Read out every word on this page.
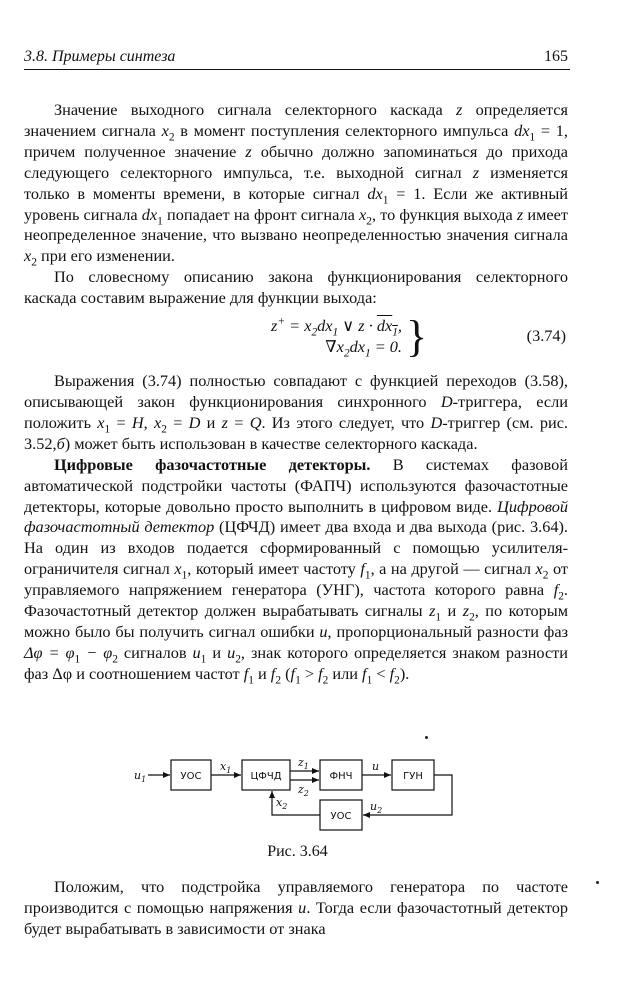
3.8. Примеры синтеза	165

Значение выходного сигнала селекторного каскада z определяется значением сигнала $x_2$ в момент поступления селекторного импульса $dx_1 = 1$, причем полученное значение z обычно должно запоминаться до прихода следующего селекторного импульса, т.е. выходной сигнал z изменяется только в моменты времени, в которые сигнал $dx_1 = 1$. Если же активный уровень сигнала $dx_1$ попадает на фронт сигнала $x_2$, то функция выхода z имеет неопределенное значение, что вызвано неопределенностью значения сигнала $x_2$ при его изменении.

По словесному описанию закона функционирования селекторного каскада составим выражение для функции выхода:

$z^+ = x_2dx_1$ ∨ $z \cdot dx_1$,
$\nabla x_2dx_1 = 0$. }	(3.74)

Выражения (3.74) полностью совпадают с функцией переходов (3.58), описывающей закон функционирования синхронного D-триггера, если положить $x_1 = H$, $x_2 = D$ и z = Q. Из этого следует, что D-триггер (см. рис. 3.52,б) может быть использован в качестве селекторного каскада.

Цифровые фазочастотные детекторы. В системах фазовой автоматической подстройки частоты (ФАПЧ) используются фазочастотные детекторы, которые довольно просто выполнить в цифровом виде. Цифровой фазочастотный детектор (ЦФЧД) имеет два входа и два выхода (рис. 3.64). На один из входов подается сформированный с помощью усилителя-ограничителя сигнал $x_1$, который имеет частоту $f_1$, а на другой — сигнал $x_2$ от управляемого напряжением генератора (УНГ), частота которого равна $f_2$. Фазочастотный детектор должен вырабатывать сигналы $z_1$ и $z_2$, по которым можно было бы получить сигнал ошибки u, пропорциональный разности фаз $\Delta\varphi = \varphi_1 - \varphi_2$ сигналов $u_1$ и $u_2$, знак которого определяется знаком разности фаз Δφ и соотношением частот $f_1$ и $f_2$ ($f_1 > f_2$ или $f_1 < f_2$).

УОС	ЦФЧД	ФНЧ	ГУН
УОС
$u_1$
$x_1$
$z_1$
$z_2$
u
$x_2$	$u_2$
Рис. 3.64

Положим, что подстройка управляемого генератора по частоте производится с помощью напряжения u. Тогда если фазочастотный детектор будет вырабатывать в зависимости от знака
